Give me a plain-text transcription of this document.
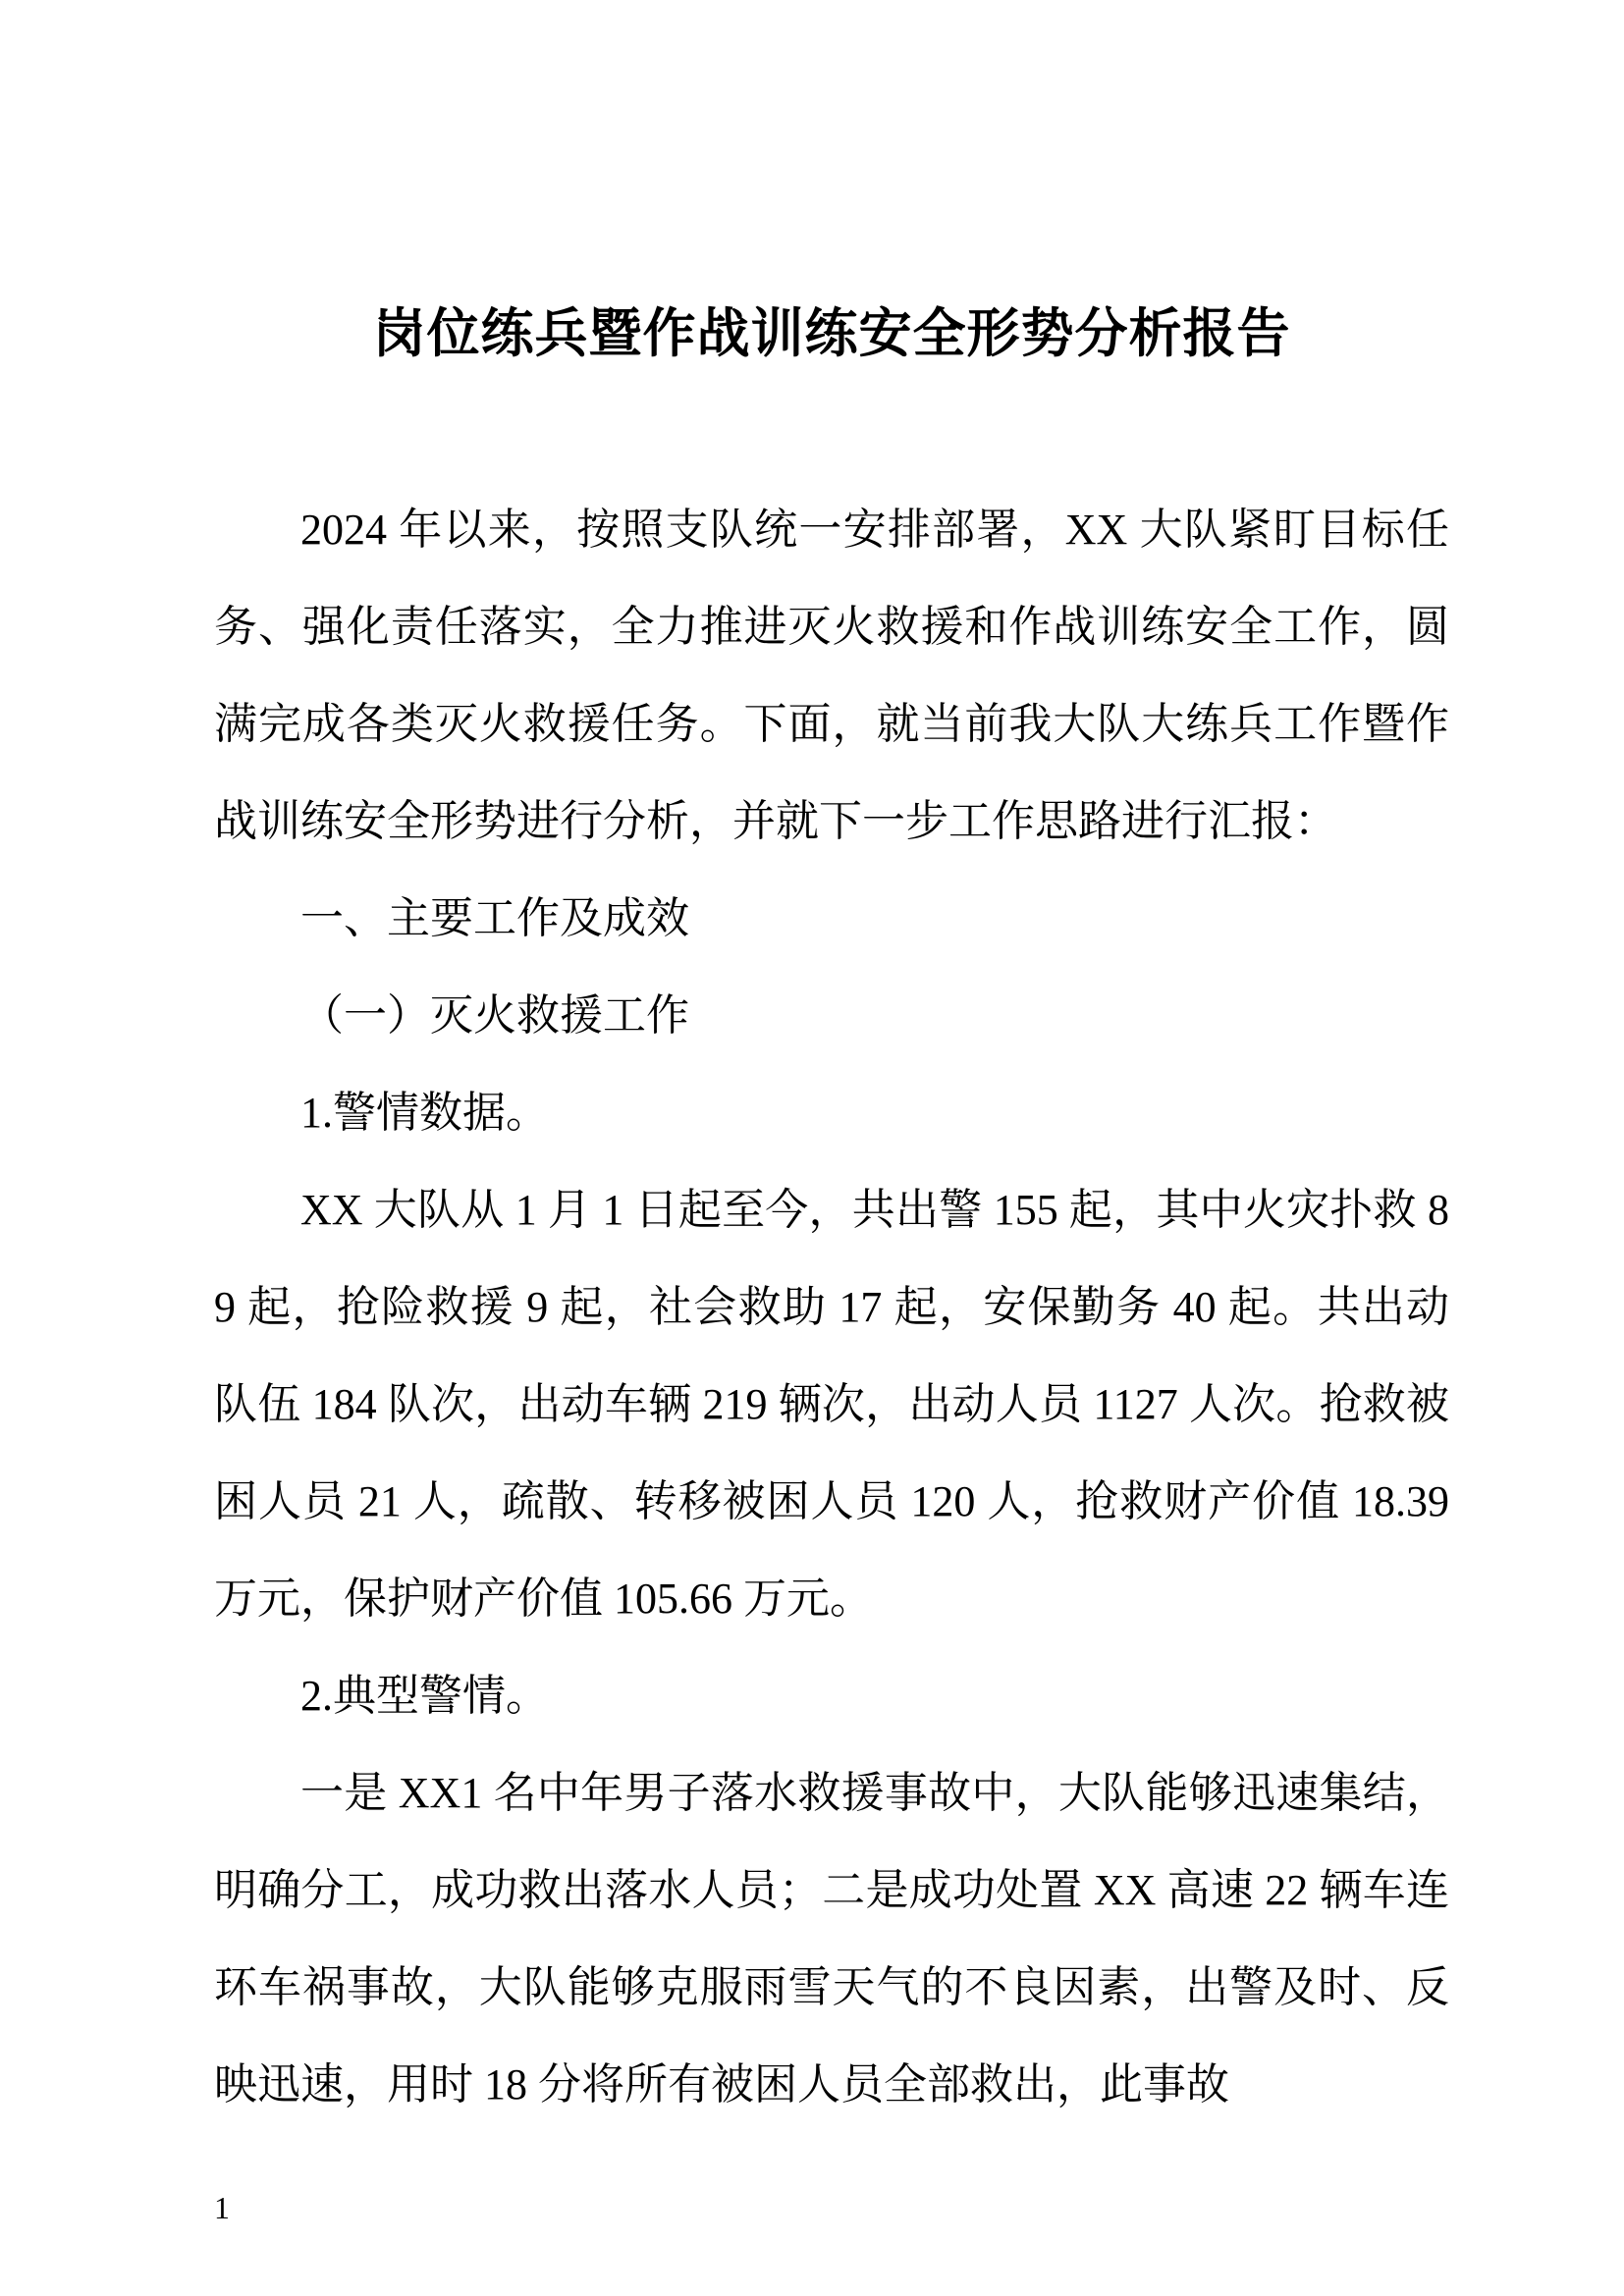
岗位练兵暨作战训练安全形势分析报告

2024 年以来，按照支队统一安排部署，XX 大队紧盯目标任务、强化责任落实，全力推进灭火救援和作战训练安全工作，圆满完成各类灭火救援任务。下面，就当前我大队大练兵工作暨作战训练安全形势进行分析，并就下一步工作思路进行汇报：

一、主要工作及成效

（一）灭火救援工作

1.警情数据。

XX 大队从 1 月 1 日起至今，共出警 155 起，其中火灾扑救 89 起，抢险救援 9 起，社会救助 17 起，安保勤务 40 起。共出动队伍 184 队次，出动车辆 219 辆次，出动人员 1127 人次。抢救被困人员 21 人，疏散、转移被困人员 120 人，抢救财产价值 18.39 万元，保护财产价值 105.66 万元。

2.典型警情。

一是 XX1 名中年男子落水救援事故中，大队能够迅速集结，明确分工，成功救出落水人员；二是成功处置 XX 高速 22 辆车连环车祸事故，大队能够克服雨雪天气的不良因素，出警及时、反映迅速，用时 18 分将所有被困人员全部救出，此事故

1
